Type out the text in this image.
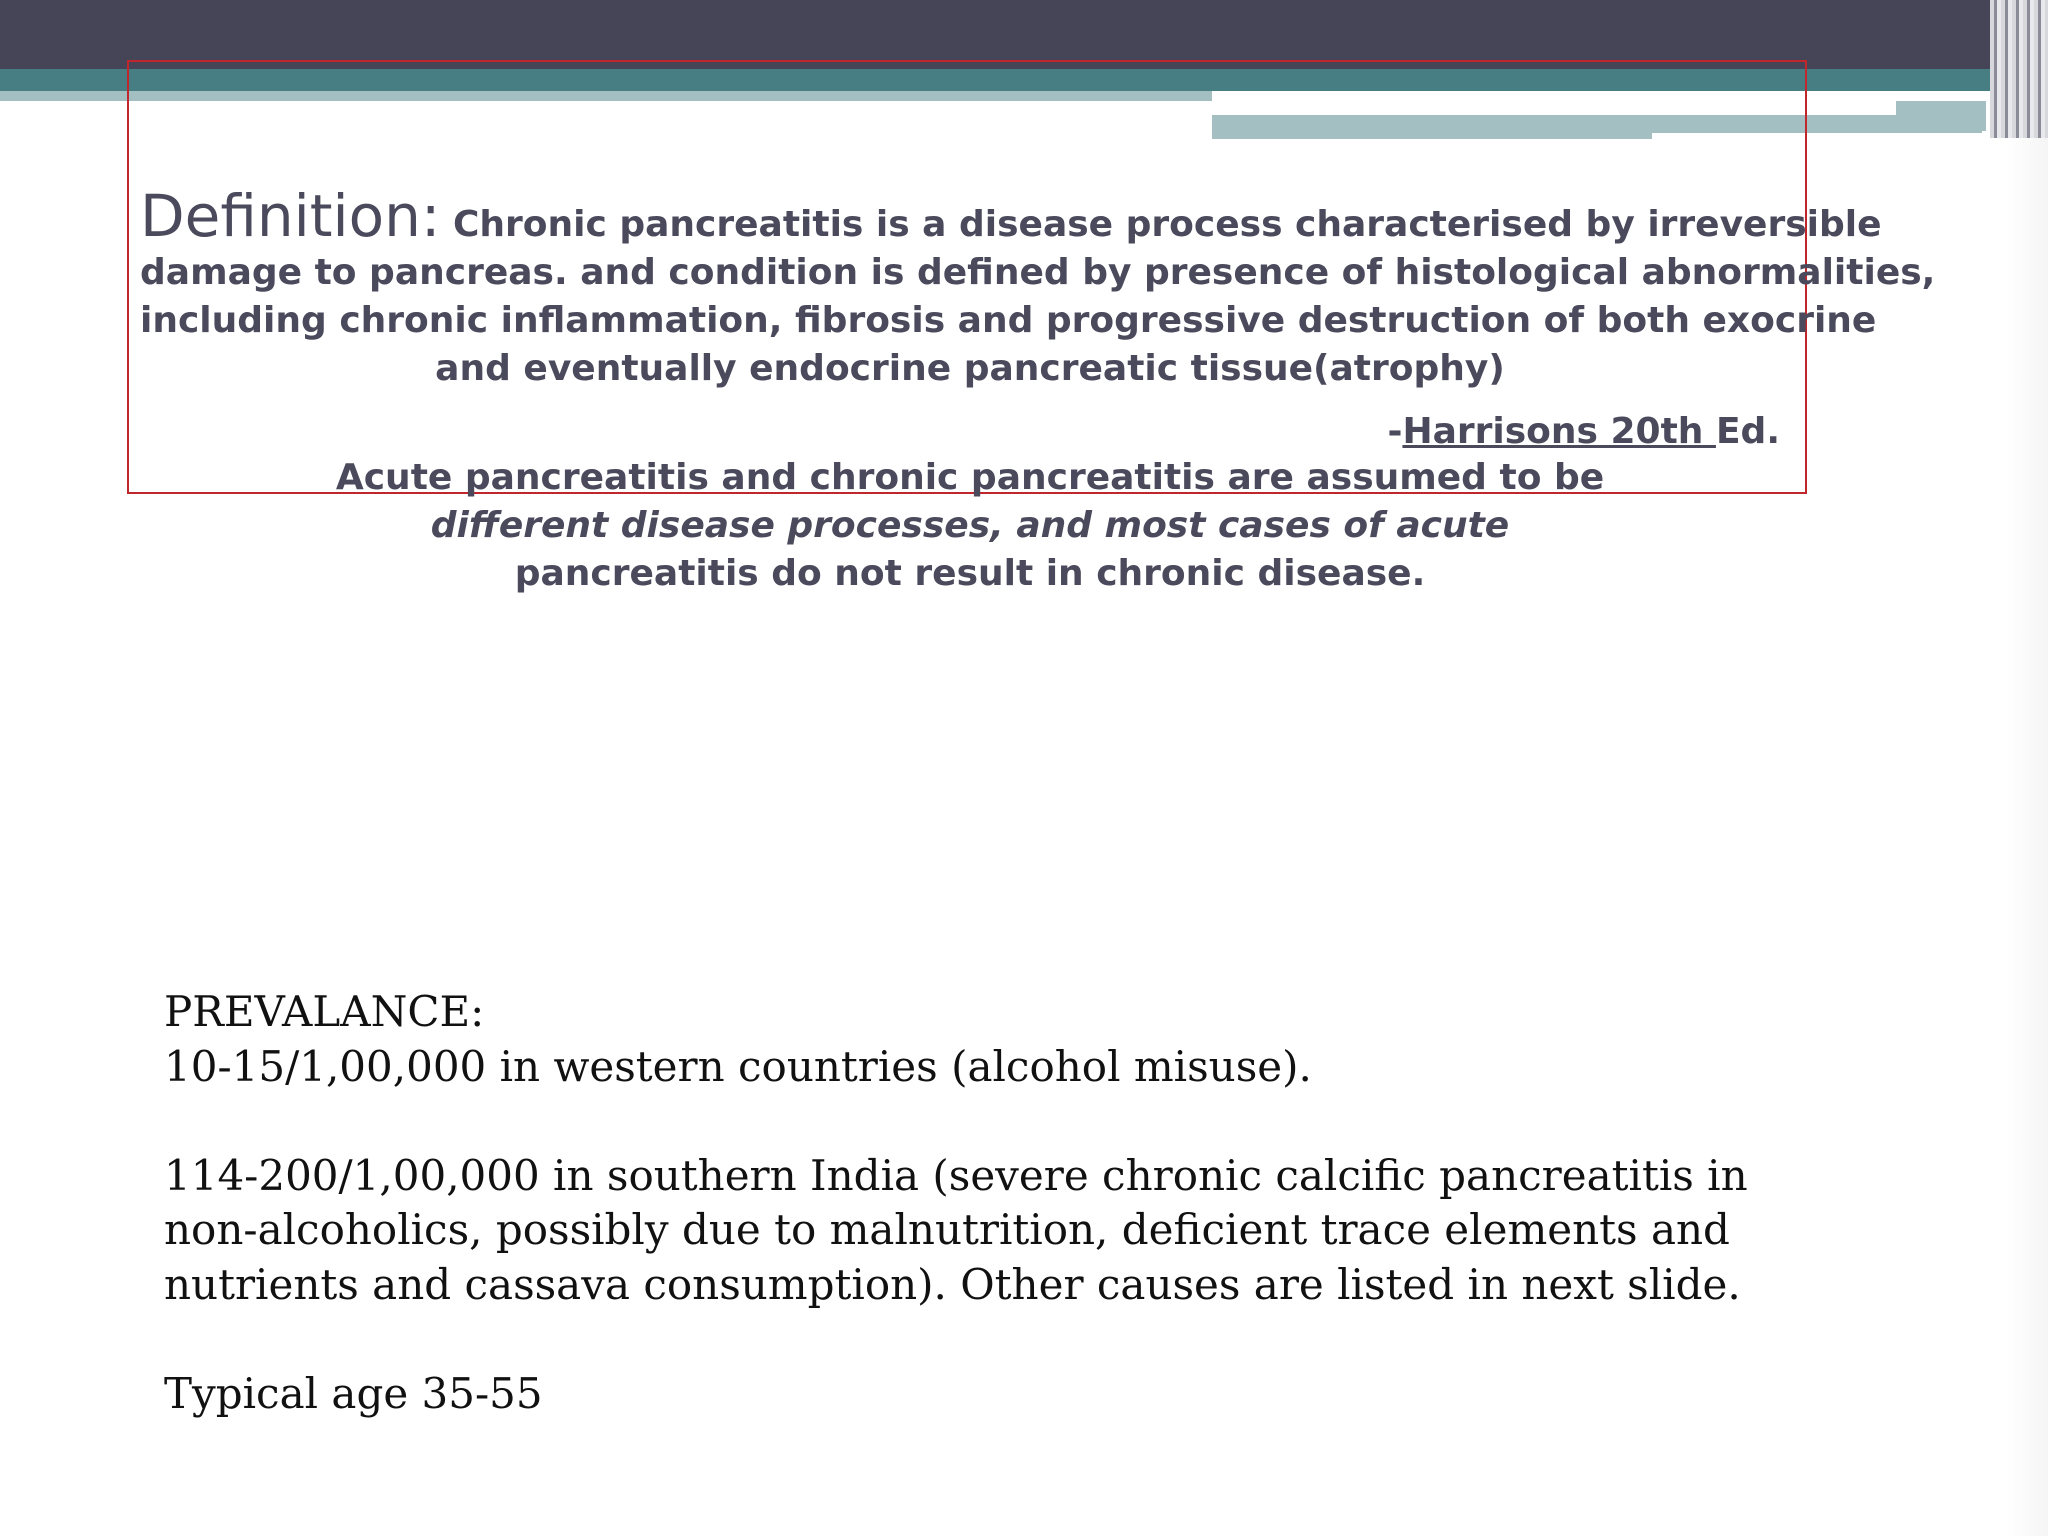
Definition: Chronic pancreatitis is a disease process characterised by irreversible
damage to pancreas. and condition is defined by presence of histological abnormalities,
including chronic inflammation, fibrosis and progressive destruction of both exocrine
and eventually endocrine pancreatic tissue(atrophy)
-Harrisons 20th Ed.
Acute pancreatitis and chronic pancreatitis are assumed to be
different disease processes, and most cases of acute
pancreatitis do not result in chronic disease.
PREVALANCE:
10-15/1,00,000 in western countries (alcohol misuse).
114-200/1,00,000 in southern India (severe chronic calcific pancreatitis in
non-alcoholics, possibly due to malnutrition, deficient trace elements and
nutrients and cassava consumption). Other causes are listed in next slide.
Typical age 35-55
